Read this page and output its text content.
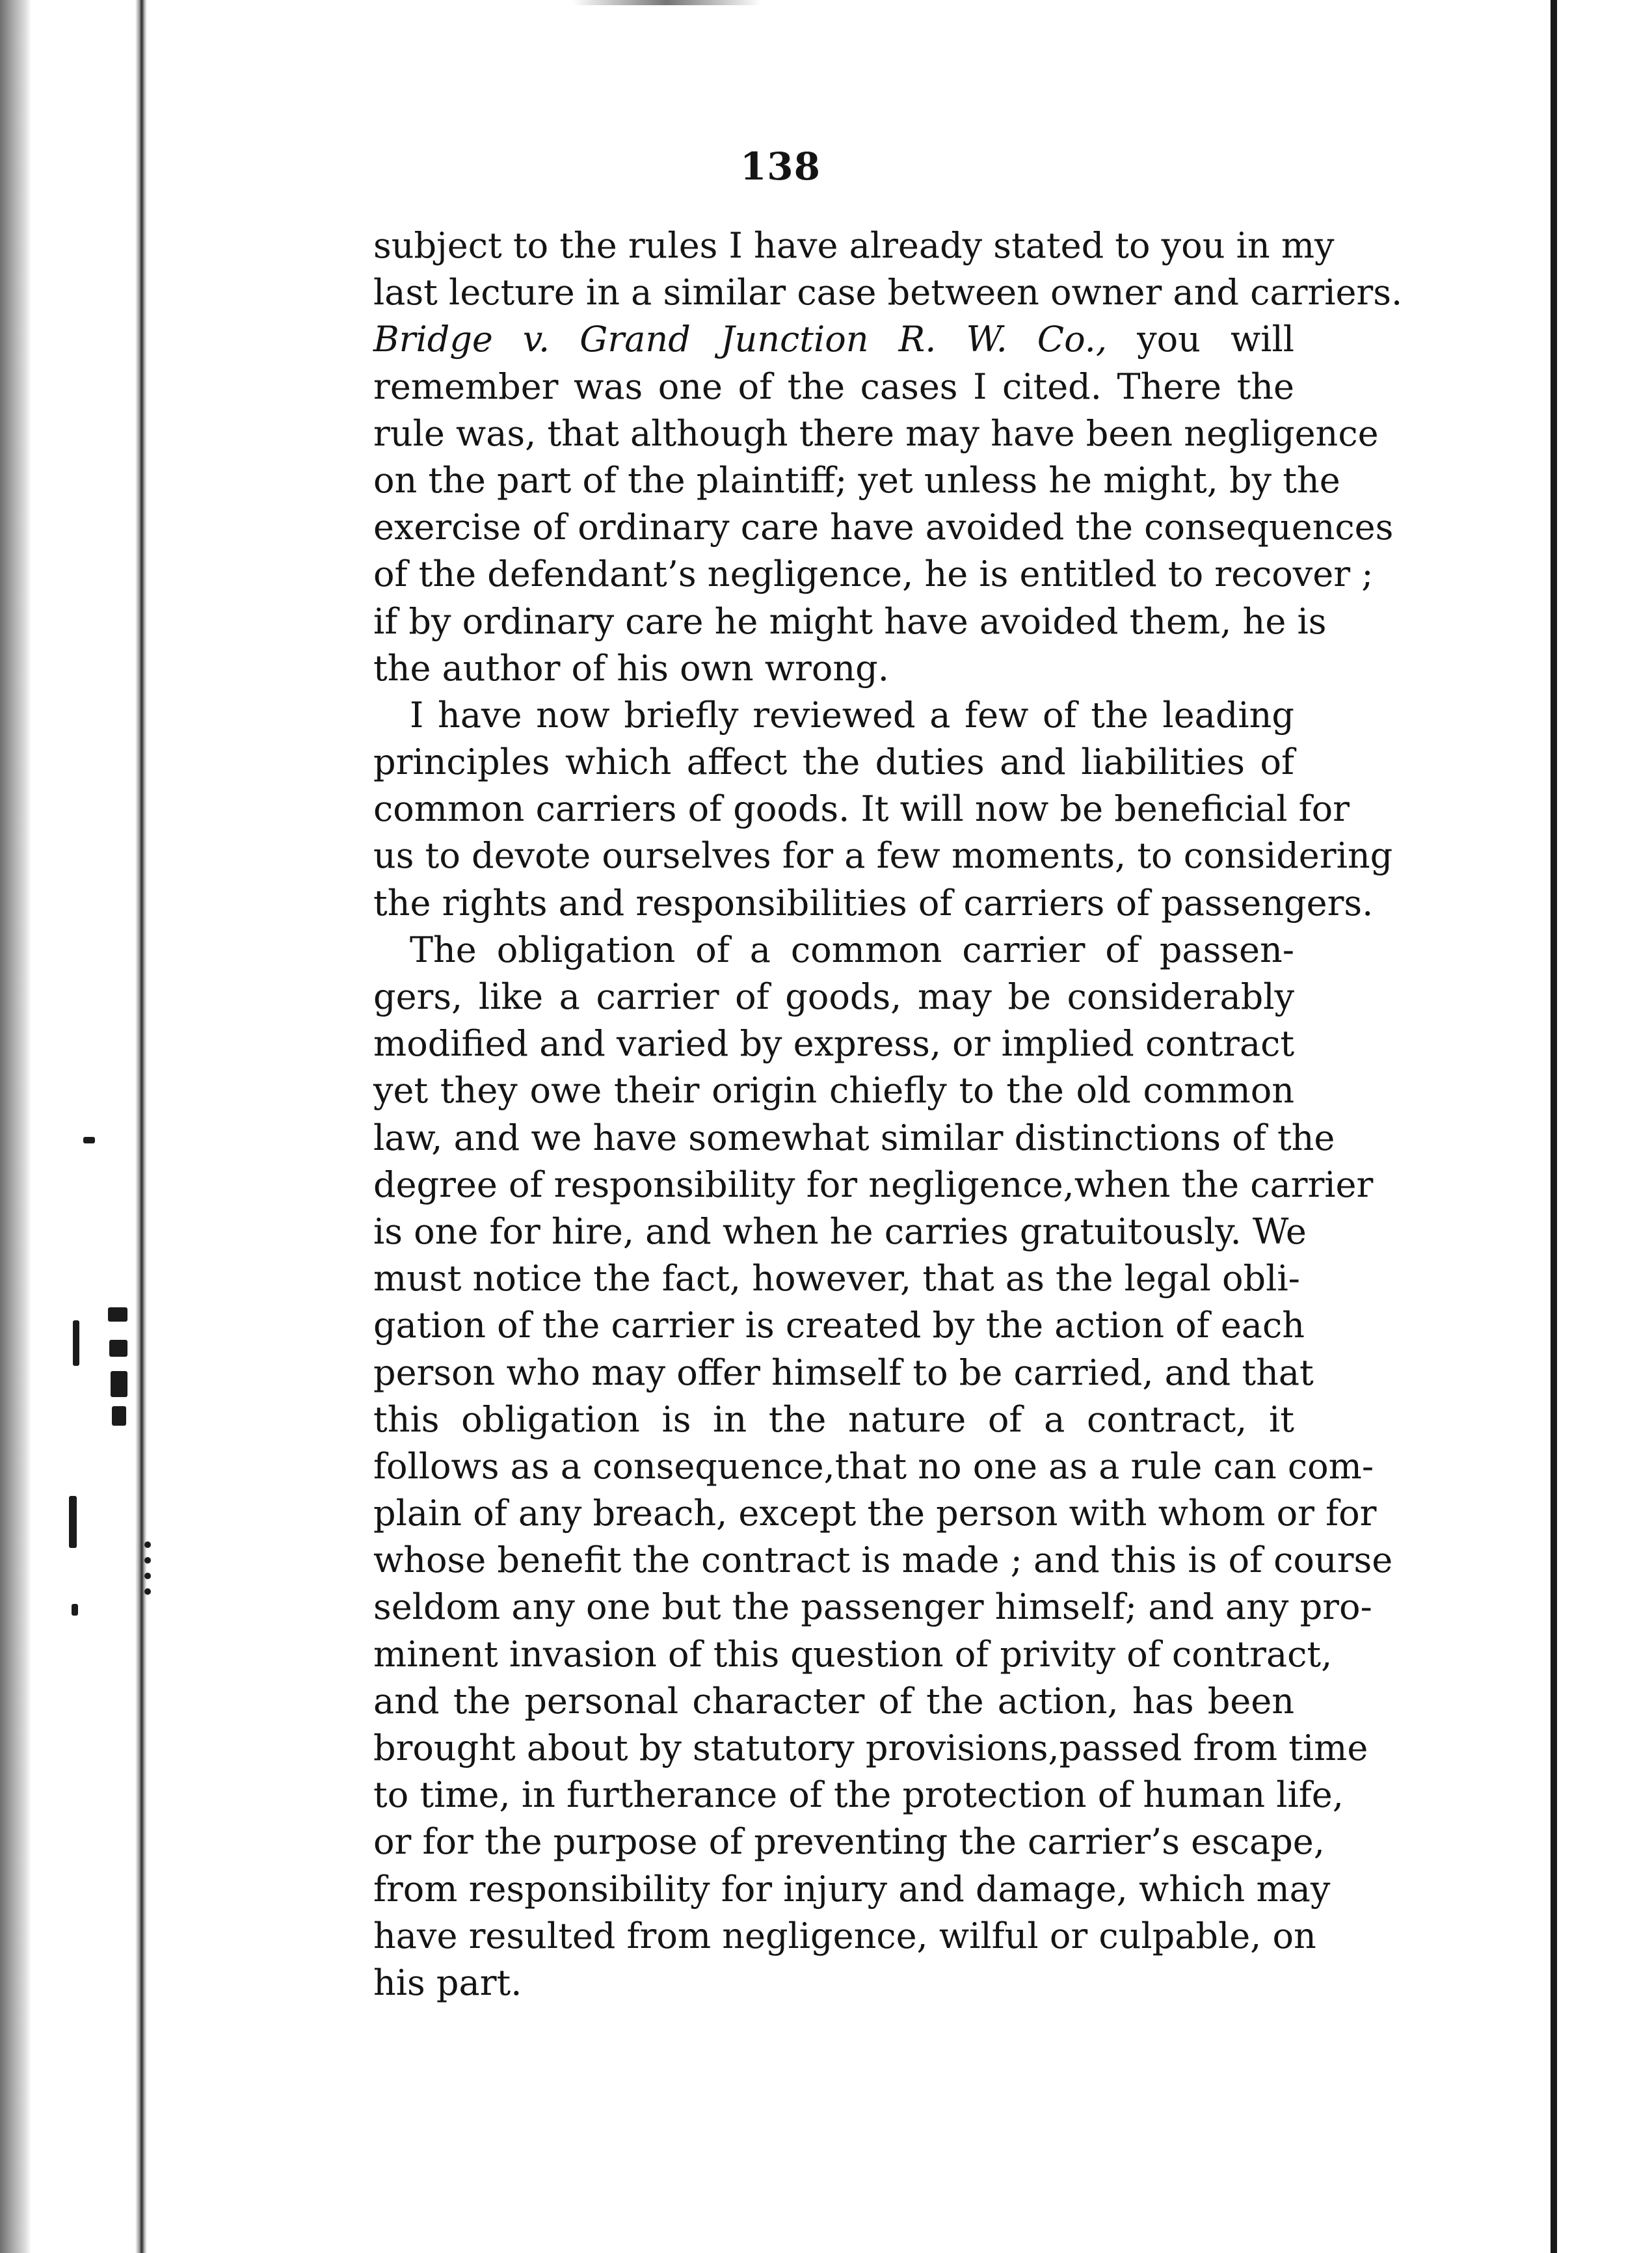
138
subject to the rules I have already stated to you in my
last lecture in a similar case between owner and carriers.
Bridge v. Grand Junction R. W. Co., you will
remember was one of the cases I cited. There the
rule was, that although there may have been negligence
on the part of the plaintiff; yet unless he might, by the
exercise of ordinary care have avoided the consequences
of the defendant’s negligence, he is entitled to recover ;
if by ordinary care he might have avoided them, he is
the author of his own wrong.
I have now briefly reviewed a few of the leading
principles which affect the duties and liabilities of
common carriers of goods. It will now be beneficial for
us to devote ourselves for a few moments, to considering
the rights and responsibilities of carriers of passengers.
The obligation of a common carrier of passen-
gers, like a carrier of goods, may be considerably
modified and varied by express, or implied contract
yet they owe their origin chiefly to the old common
law, and we have somewhat similar distinctions of the
degree of responsibility for negligence,when the carrier
is one for hire, and when he carries gratuitously. We
must notice the fact, however, that as the legal obli-
gation of the carrier is created by the action of each
person who may offer himself to be carried, and that
this obligation is in the nature of a contract, it
follows as a consequence,that no one as a rule can com-
plain of any breach, except the person with whom or for
whose benefit the contract is made ; and this is of course
seldom any one but the passenger himself; and any pro-
minent invasion of this question of privity of contract,
and the personal character of the action, has been
brought about by statutory provisions,passed from time
to time, in furtherance of the protection of human life,
or for the purpose of preventing the carrier’s escape,
from responsibility for injury and damage, which may
have resulted from negligence, wilful or culpable, on
his part.
